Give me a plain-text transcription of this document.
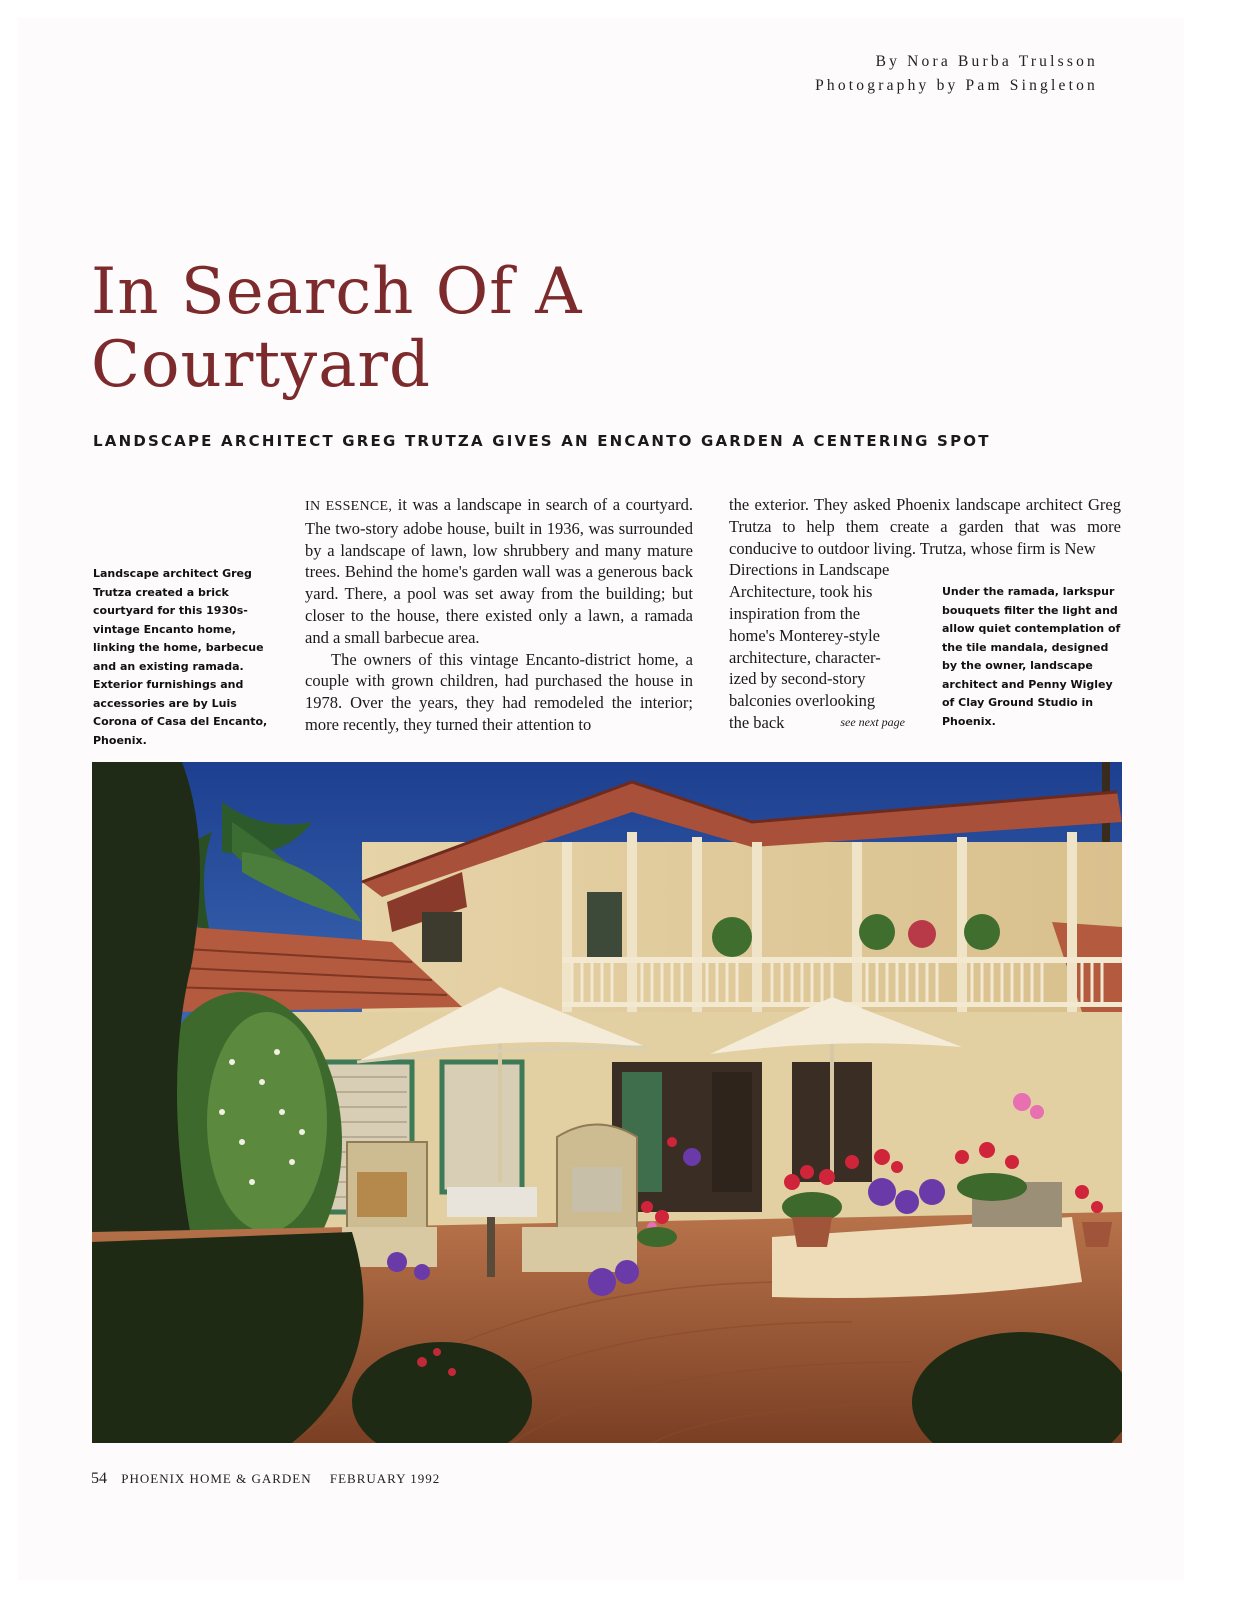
By Nora Burba Trulsson
Photography by Pam Singleton
In Search Of A
Courtyard
LANDSCAPE ARCHITECT GREG TRUTZA GIVES AN ENCANTO GARDEN A CENTERING SPOT
Landscape architect Greg Trutza created a brick courtyard for this 1930s-vintage Encanto home, linking the home, barbecue and an existing ramada. Exterior furnishings and accessories are by Luis Corona of Casa del Encanto, Phoenix.

IN ESSENCE, it was a landscape in search of a courtyard. The two-story adobe house, built in 1936, was surrounded by a landscape of lawn, low shrubbery and many mature trees. Behind the home's garden wall was a generous back yard. There, a pool was set away from the building; but closer to the house, there existed only a lawn, a ramada and a small barbecue area.

The owners of this vintage Encanto-district home, a couple with grown children, had purchased the house in 1978. Over the years, they had remodeled the interior; more recently, they turned their attention to

the exterior. They asked Phoenix landscape architect Greg Trutza to help them create a garden that was more conducive to outdoor living. Trutza, whose firm is New

Directions in Landscape
Architecture, took his
inspiration from the
home's Monterey-style
architecture, character-
ized by second-story
balconies overlooking
the back	see next page
Under the ramada, larkspur bouquets filter the light and allow quiet contemplation of the tile mandala, designed by the owner, landscape architect and Penny Wigley of Clay Ground Studio in Phoenix.
54 PHOENIX HOME & GARDEN FEBRUARY 1992
